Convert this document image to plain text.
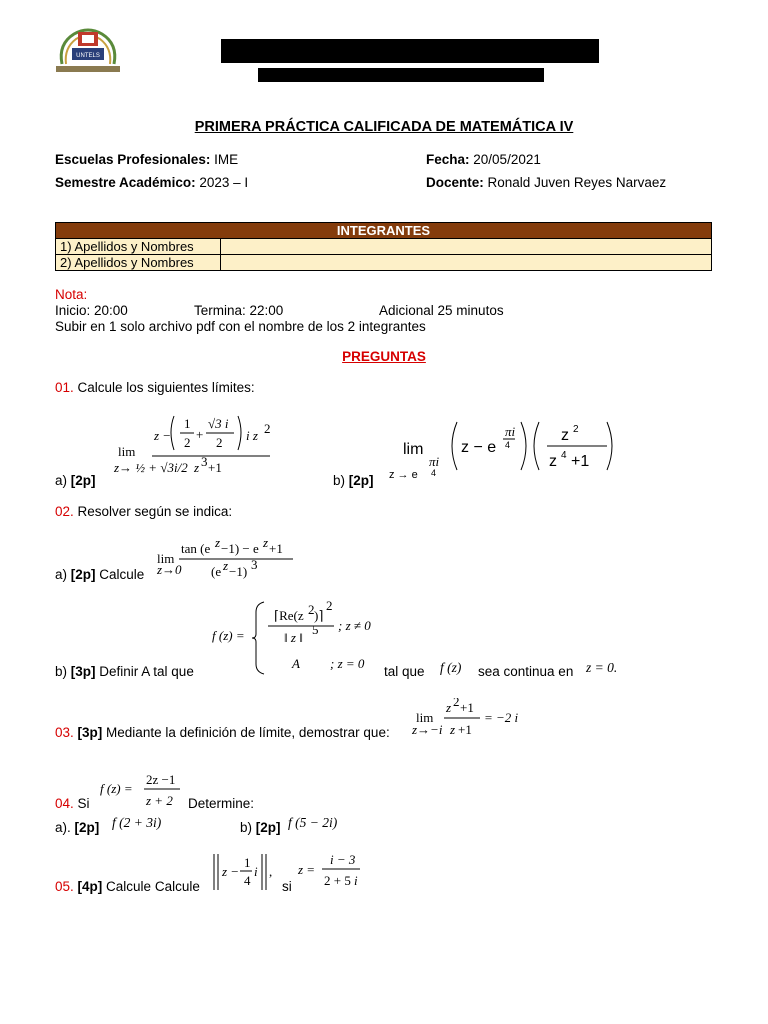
UNTELS
PRIMERA PRÁCTICA CALIFICADA DE MATEMÁTICA IV
Escuelas Profesionales: IME
Semestre Académico: 2023 – I
Fecha: 20/05/2021
Docente: Ronald Juven Reyes Narvaez
INTEGRANTES	
1) Apellidos y Nombres	
2) Apellidos y Nombres	
Nota:
Inicio: 20:00	Termina: 22:00	Adicional 25 minutos
Subir en 1 solo archivo pdf con el nombre de los 2 integrantes
PREGUNTAS
01. Calcule los siguientes límites:
a) [2p]
lim
z→ ½ + √3i/2
z −
1
2
+
√3 i
2 i z 2
z 3 +1
b) [2p]
lim
z → e
πi
4
z − e
πi
4
z 2
z 4 +1
02. Resolver según se indica:
a) [2p] Calcule
lim
z→0
tan (e z −1) − e z +1
(e z −1) 3
f (z) =
⌈Re(z 2 )⌉
2
‖ z ‖
5 ; z ≠ 0
A ; z = 0
b) [3p] Definir A tal que	tal que f (z) sea continua en z = 0.
03. [3p] Mediante la definición de límite, demostrar que:
lim
z→−i
z 2 +1
z +1
= −2 i
04. Si
f (z) =
2z −1
z + 2 Determine:
a). [2p] f (2 + 3i)	b) [2p] f (5 − 2i)
05. [4p] Calcule Calcule
z −
1
4
i ,
si
z =
i − 3
2 + 5 i
